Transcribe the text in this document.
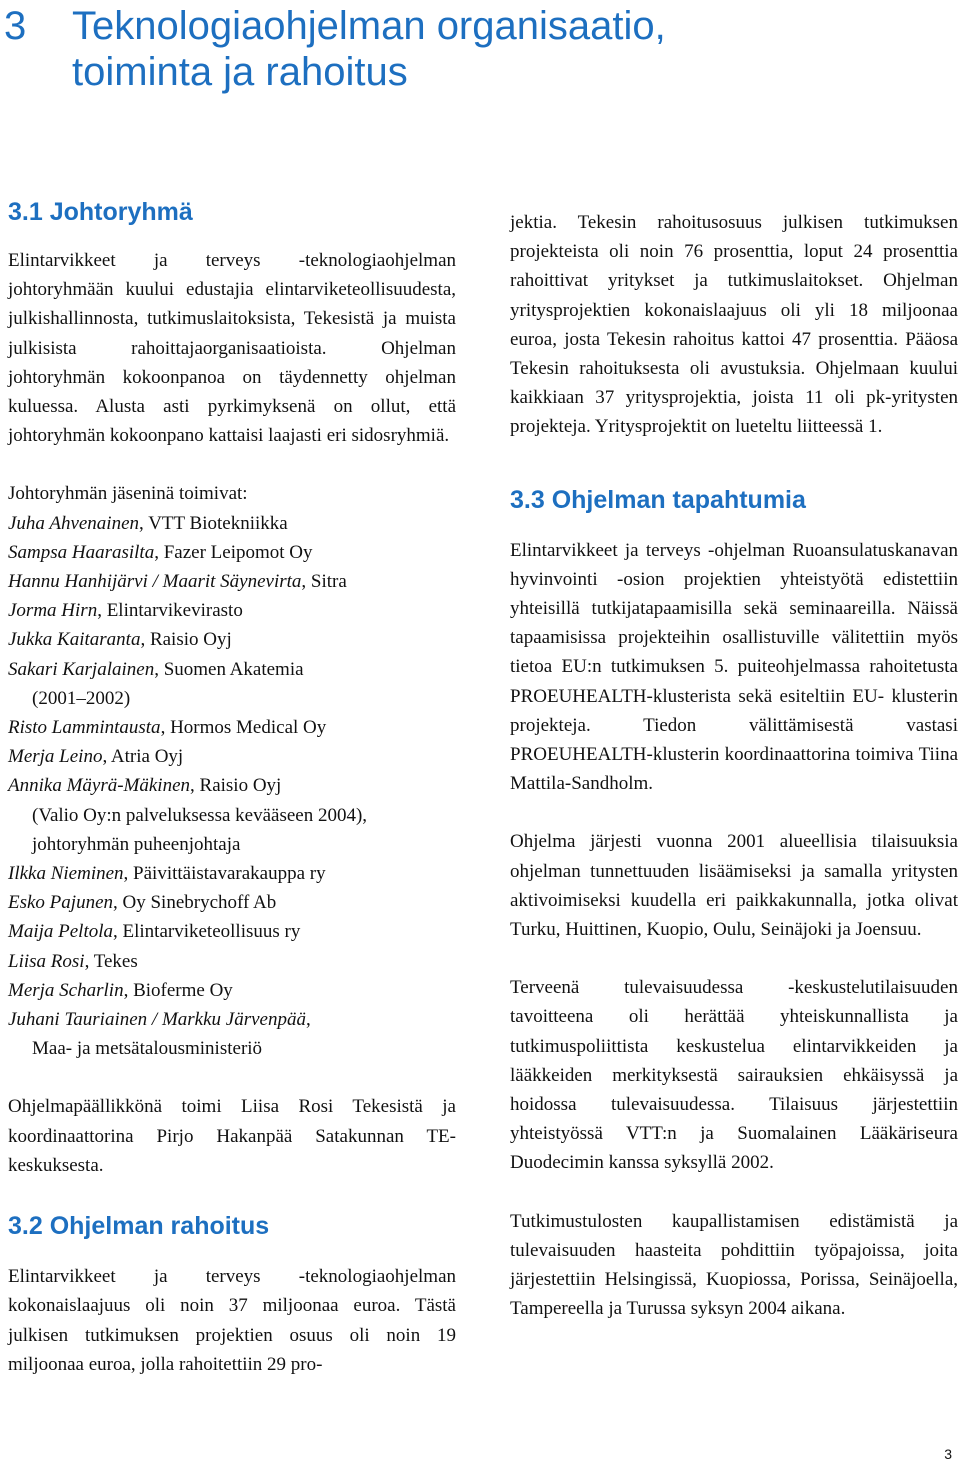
3 Teknologiaohjelman organisaatio,
toiminta ja rahoitus
3.1 Johtoryhmä

Elintarvikkeet ja terveys -teknologiaohjelman johtoryhmään kuului edustajia elintarviketeollisuudesta, julkishallinnosta, tutkimuslaitoksista, Tekesistä ja muista julkisista rahoittajaorganisaatioista. Ohjelman johtoryhmän kokoonpanoa on täydennetty ohjelman kuluessa. Alusta asti pyrkimyksenä on ollut, että johtoryhmän kokoonpano kattaisi laajasti eri sidosryhmiä.

Johtoryhmän jäseninä toimivat:
Juha Ahvenainen, VTT Biotekniikka
Sampsa Haarasilta, Fazer Leipomot Oy
Hannu Hanhijärvi / Maarit Säynevirta, Sitra
Jorma Hirn, Elintarvikevirasto
Jukka Kaitaranta, Raisio Oyj
Sakari Karjalainen, Suomen Akatemia
(2001–2002)
Risto Lammintausta, Hormos Medical Oy
Merja Leino, Atria Oyj
Annika Mäyrä-Mäkinen, Raisio Oyj
(Valio Oy:n palveluksessa kevääseen 2004),
johtoryhmän puheenjohtaja
Ilkka Nieminen, Päivittäistavarakauppa ry
Esko Pajunen, Oy Sinebrychoff Ab
Maija Peltola, Elintarviketeollisuus ry
Liisa Rosi, Tekes
Merja Scharlin, Bioferme Oy
Juhani Tauriainen / Markku Järvenpää,
Maa- ja metsätalousministeriö

Ohjelmapäällikkönä toimi Liisa Rosi Tekesistä ja koordinaattorina Pirjo Hakanpää Satakunnan TE-keskuksesta.

3.2 Ohjelman rahoitus

Elintarvikkeet ja terveys -teknologiaohjelman kokonaislaajuus oli noin 37 miljoonaa euroa. Tästä julkisen tutkimuksen projektien osuus oli noin 19 miljoonaa euroa, jolla rahoitettiin 29 pro-

jektia. Tekesin rahoitusosuus julkisen tutkimuksen projekteista oli noin 76 prosenttia, loput 24 prosenttia rahoittivat yritykset ja tutkimuslaitokset. Ohjelman yritysprojektien kokonaislaajuus oli yli 18 miljoonaa euroa, josta Tekesin rahoitus kattoi 47 prosenttia. Pääosa Tekesin rahoituksesta oli avustuksia. Ohjelmaan kuului kaikkiaan 37 yritysprojektia, joista 11 oli pk-yritysten projekteja. Yritysprojektit on lueteltu liitteessä 1.

3.3 Ohjelman tapahtumia

Elintarvikkeet ja terveys -ohjelman Ruoansulatuskanavan hyvinvointi -osion projektien yhteistyötä edistettiin yhteisillä tutkijatapaamisilla sekä seminaareilla. Näissä tapaamisissa projekteihin osallistuville välitettiin myös tietoa EU:n tutkimuksen 5. puiteohjelmassa rahoitetusta PROEUHEALTH-klusterista sekä esiteltiin EU- klusterin projekteja. Tiedon välittämisestä vastasi PROEUHEALTH-klusterin koordinaattorina toimiva Tiina Mattila-Sandholm.

Ohjelma järjesti vuonna 2001 alueellisia tilaisuuksia ohjelman tunnettuuden lisäämiseksi ja samalla yritysten aktivoimiseksi kuudella eri paikkakunnalla, jotka olivat Turku, Huittinen, Kuopio, Oulu, Seinäjoki ja Joensuu.

Terveenä tulevaisuudessa -keskustelutilaisuuden tavoitteena oli herättää yhteiskunnallista ja tutkimuspoliittista keskustelua elintarvikkeiden ja lääkkeiden merkityksestä sairauksien ehkäisyssä ja hoidossa tulevaisuudessa. Tilaisuus järjestettiin yhteistyössä VTT:n ja Suomalainen Lääkäriseura Duodecimin kanssa syksyllä 2002.

Tutkimustulosten kaupallistamisen edistämistä ja tulevaisuuden haasteita pohdittiin työpajoissa, joita järjestettiin Helsingissä, Kuopiossa, Porissa, Seinäjoella, Tampereella ja Turussa syksyn 2004 aikana.

3
